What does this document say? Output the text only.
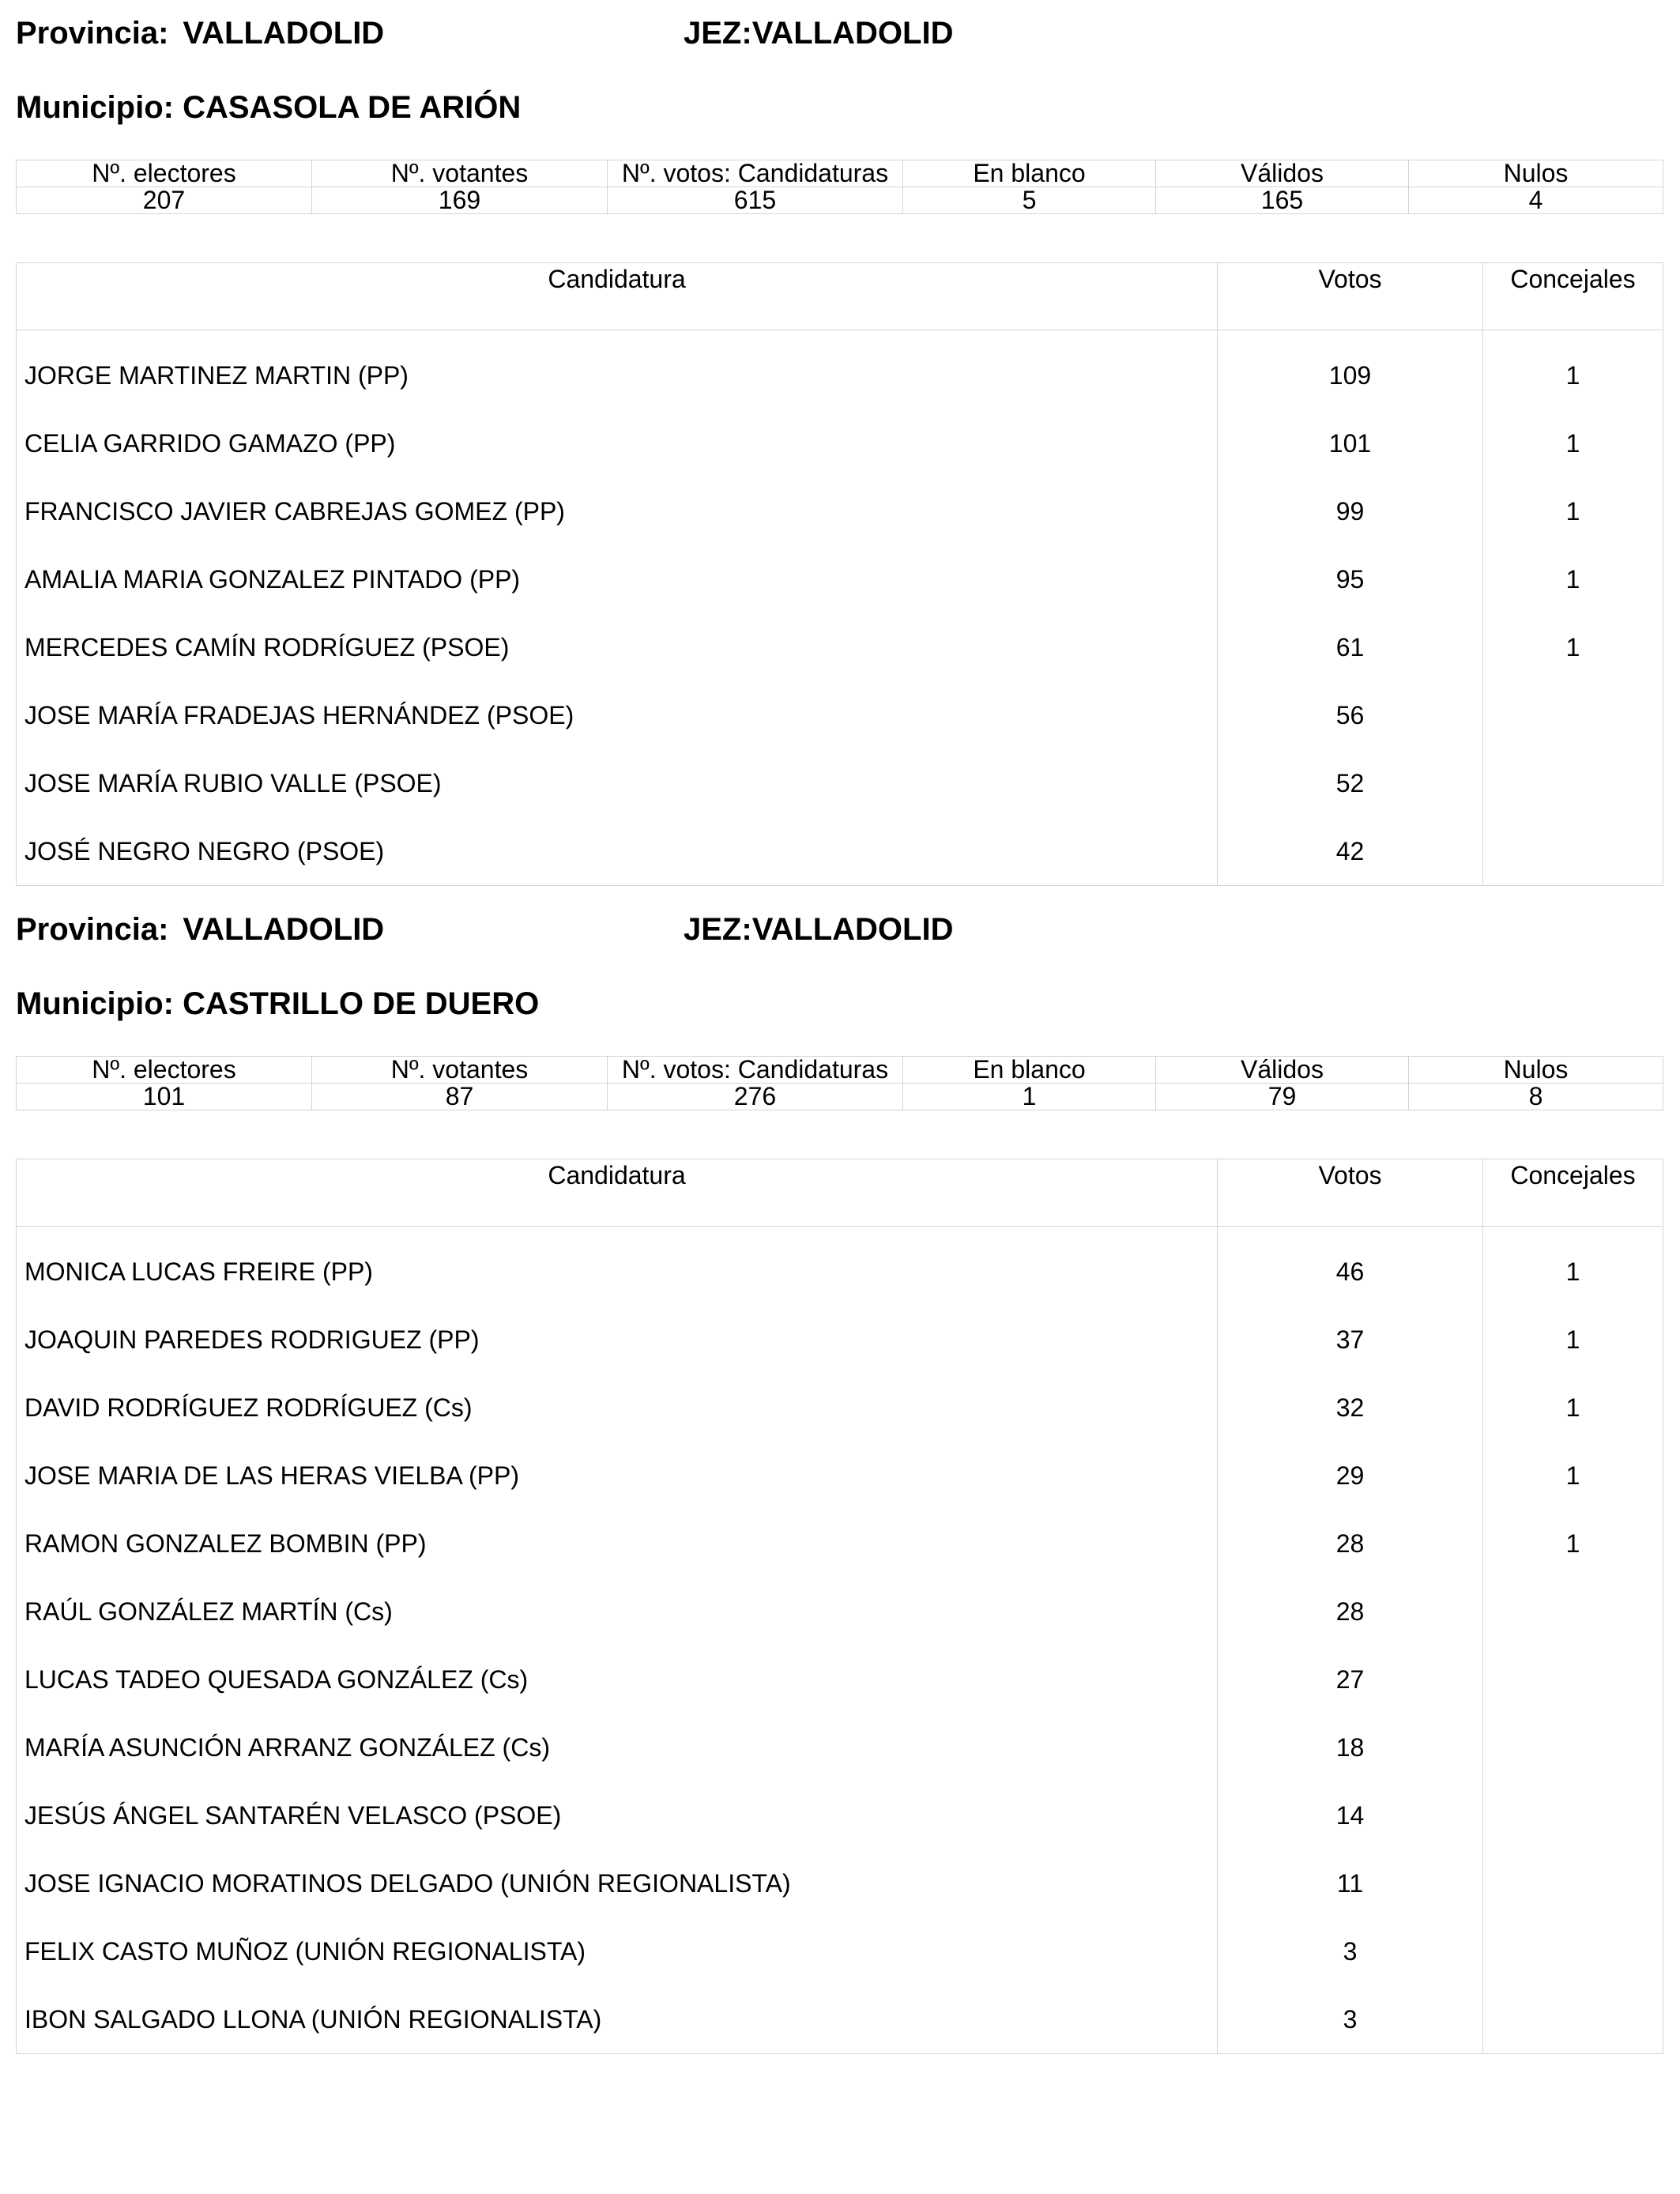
Provincia: VALLADOLID	JEZ:VALLADOLID
Municipio: CASASOLA DE ARIÓN
Nº. electores	Nº. votantes	Nº. votos: Candidaturas	En blanco	Válidos	Nulos
207	169	615	5	165	4
Candidatura	Votos	Concejales
JORGE MARTINEZ MARTIN (PP)	109	1
CELIA GARRIDO GAMAZO (PP)	101	1
FRANCISCO JAVIER CABREJAS GOMEZ (PP)	99	1
AMALIA MARIA GONZALEZ PINTADO (PP)	95	1
MERCEDES CAMÍN RODRÍGUEZ (PSOE)	61	1
JOSE MARÍA FRADEJAS HERNÁNDEZ (PSOE)	56	
JOSE MARÍA RUBIO VALLE (PSOE)	52	
JOSÉ NEGRO NEGRO (PSOE)	42	
Provincia: VALLADOLID	JEZ:VALLADOLID
Municipio: CASTRILLO DE DUERO
Nº. electores	Nº. votantes	Nº. votos: Candidaturas	En blanco	Válidos	Nulos
101	87	276	1	79	8
Candidatura	Votos	Concejales
MONICA LUCAS FREIRE (PP)	46	1
JOAQUIN PAREDES RODRIGUEZ (PP)	37	1
DAVID RODRÍGUEZ RODRÍGUEZ (Cs)	32	1
JOSE MARIA DE LAS HERAS VIELBA (PP)	29	1
RAMON GONZALEZ BOMBIN (PP)	28	1
RAÚL GONZÁLEZ MARTÍN (Cs)	28	
LUCAS TADEO QUESADA GONZÁLEZ (Cs)	27	
MARÍA ASUNCIÓN ARRANZ GONZÁLEZ (Cs)	18	
JESÚS ÁNGEL SANTARÉN VELASCO (PSOE)	14	
JOSE IGNACIO MORATINOS DELGADO (UNIÓN REGIONALISTA)	11	
FELIX CASTO MUÑOZ (UNIÓN REGIONALISTA)	3	
IBON SALGADO LLONA (UNIÓN REGIONALISTA)	3	
